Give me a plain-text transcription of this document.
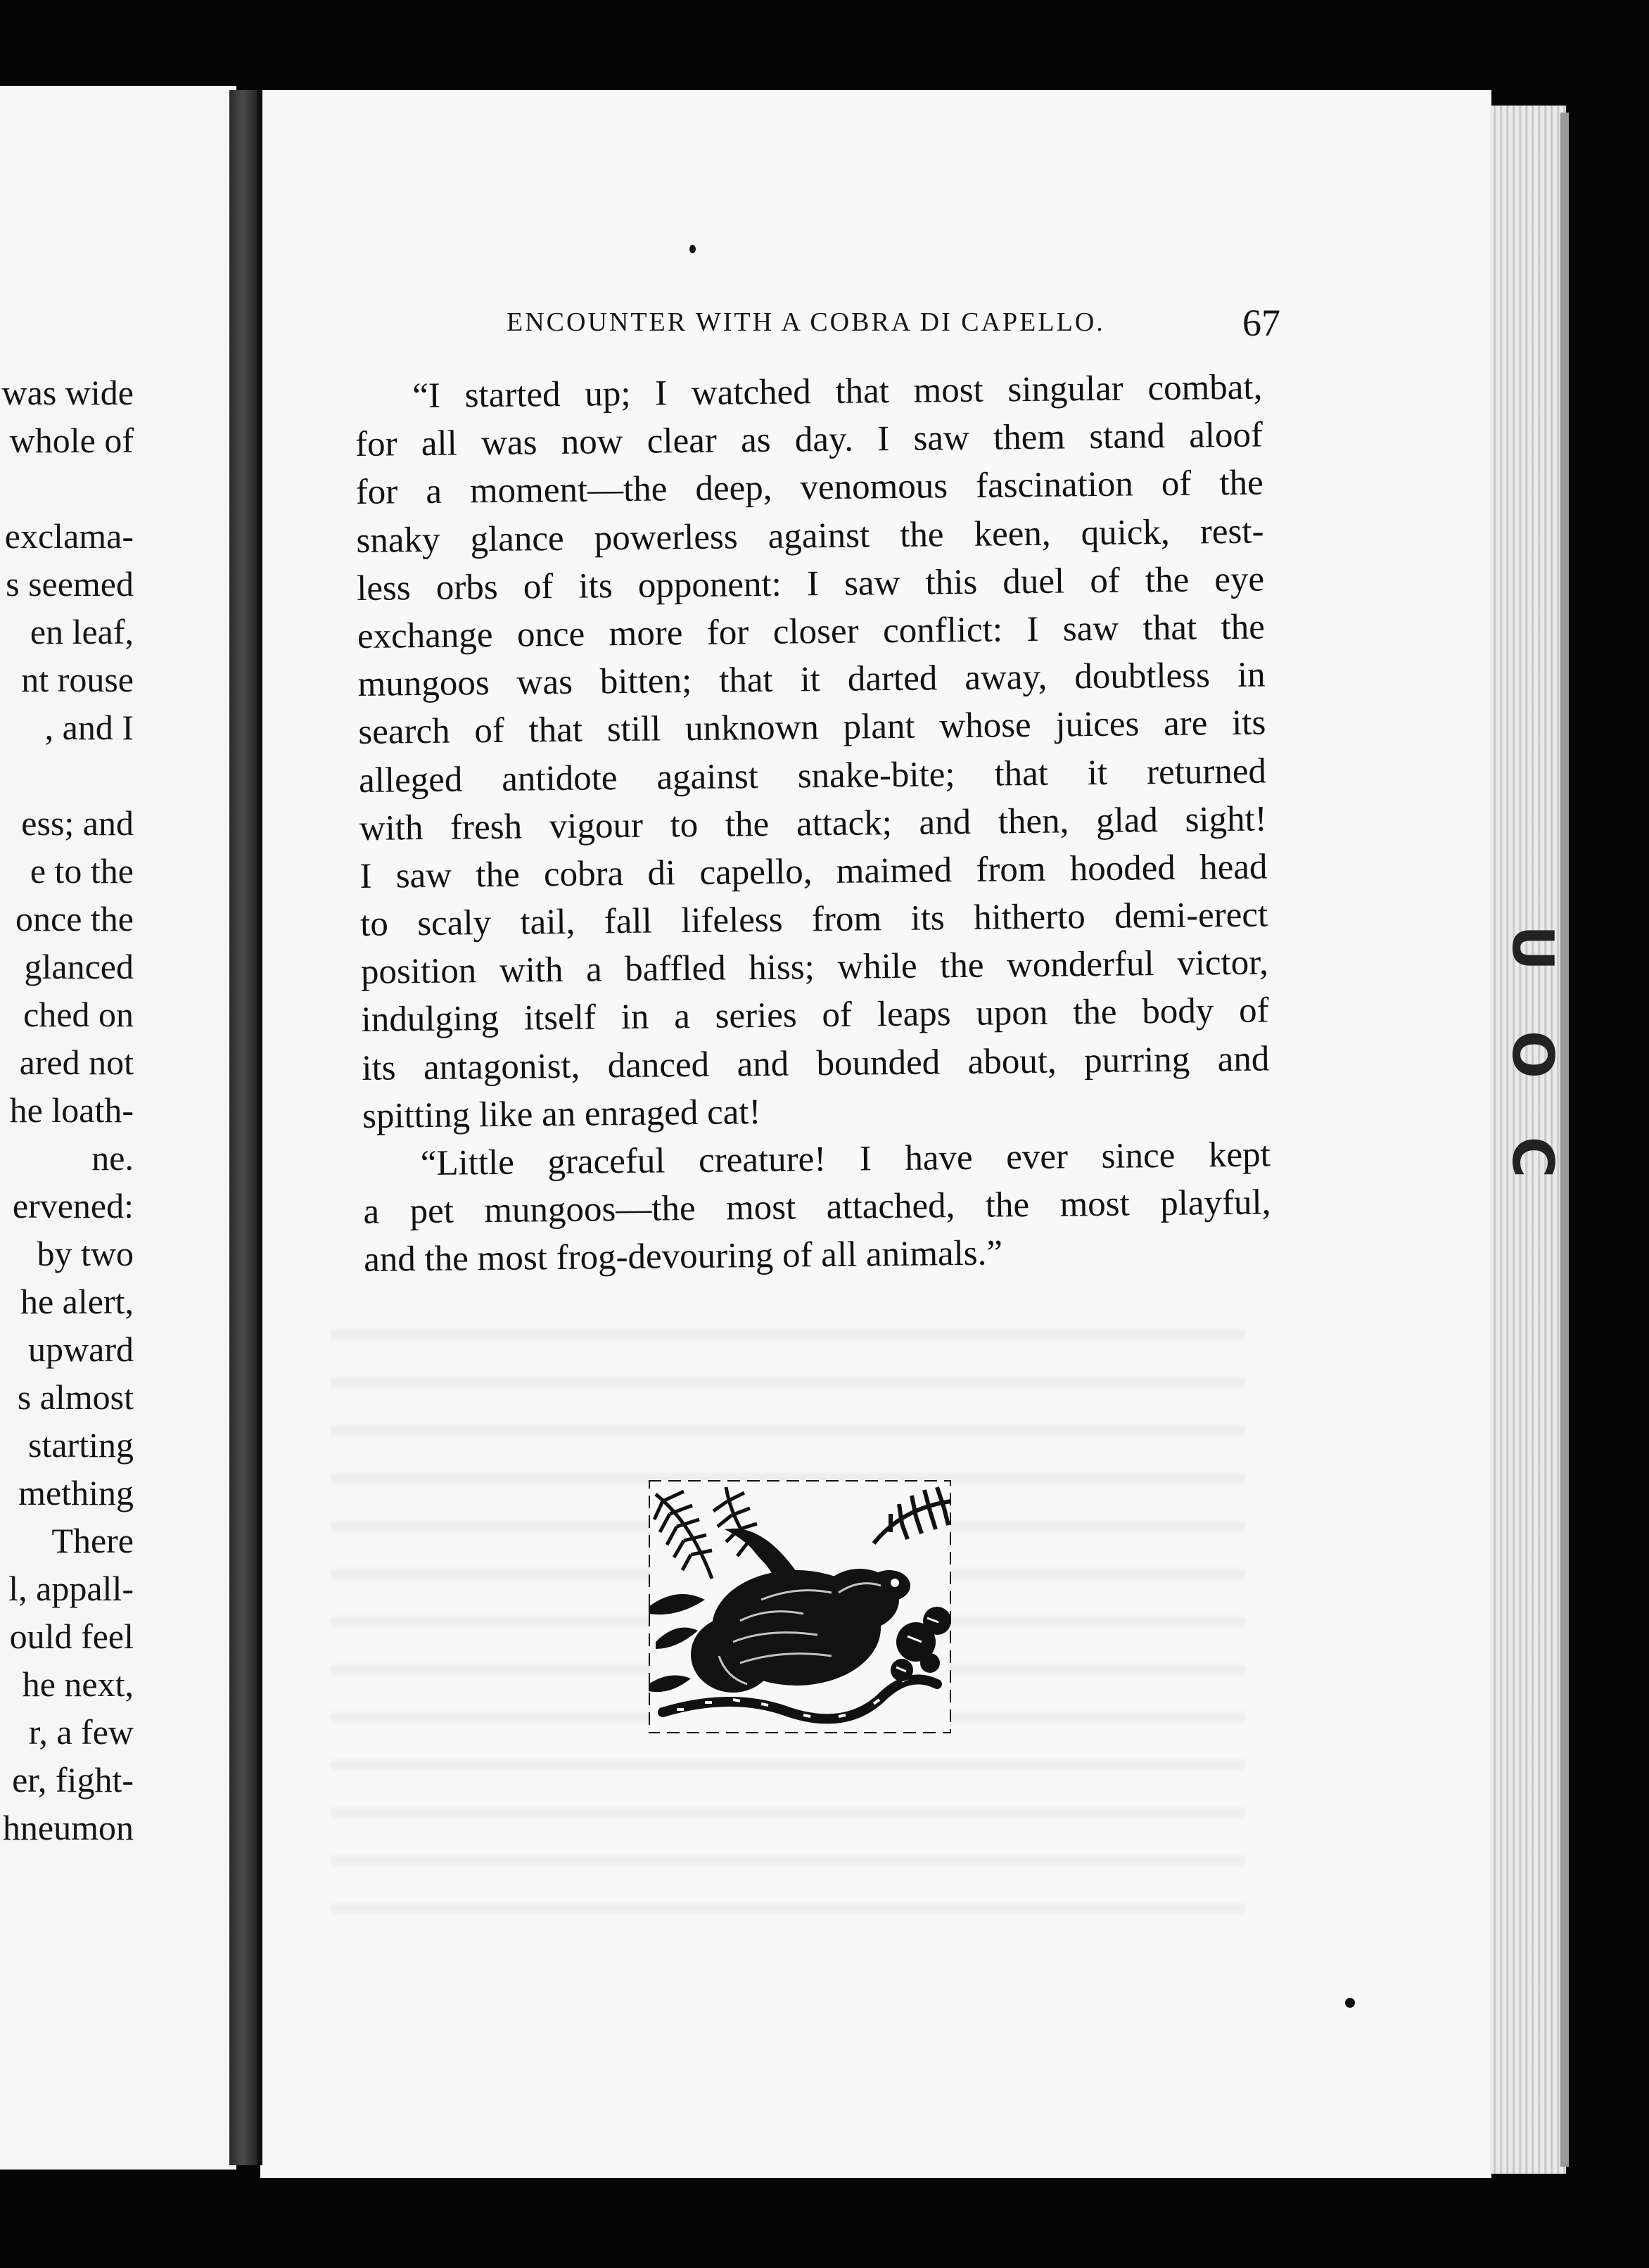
was wide
whole of
exclama-
s seemed
en leaf,
nt rouse
, and I
ess; and
e to the
once the
glanced
ched on
ared not
he loath-
ne.
ervened:
by two
he alert,
upward
s almost
starting
mething
There
l, appall-
ould feel
he next,
r, a few
er, fight-
hneumon
U
O
C
ENCOUNTER WITH A COBRA DI CAPELLO.	67
“I started up; I watched that most singular combat,
for all was now clear as day. I saw them stand aloof
for a moment—the deep, venomous fascination of the
snaky glance powerless against the keen, quick, rest-
less orbs of its opponent: I saw this duel of the eye
exchange once more for closer conflict: I saw that the
mungoos was bitten; that it darted away, doubtless in
search of that still unknown plant whose juices are its
alleged antidote against snake-bite; that it returned
with fresh vigour to the attack; and then, glad sight!
I saw the cobra di capello, maimed from hooded head
to scaly tail, fall lifeless from its hitherto demi-erect
position with a baffled hiss; while the wonderful victor,
indulging itself in a series of leaps upon the body of
its antagonist, danced and bounded about, purring and
spitting like an enraged cat!
“Little graceful creature! I have ever since kept
a pet mungoos—the most attached, the most playful,
and the most frog-devouring of all animals.”
